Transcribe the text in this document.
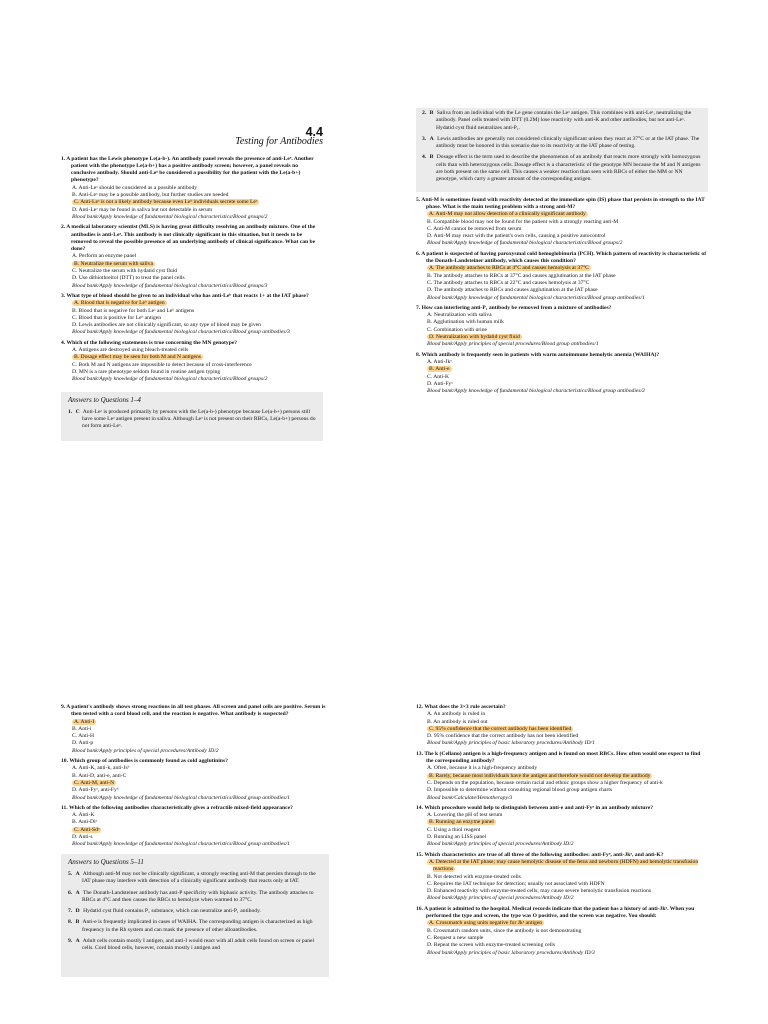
4.4
Testing for Antibodies
1. A patient has the Lewis phenotype Le(a-b-). An antibody panel reveals the presence of anti-Leᵃ. Another patient with the phenotype Le(a-b+) has a positive antibody screen; however, a panel reveals no conclusive antibody. Should anti-Leᵃ be considered a possibility for the patient with the Le(a-b+) phenotype?
A. Anti-Leᵃ should be considered as a possible antibody
B. Anti-Leᵃ may be a possible antibody, but further studies are needed
C. Anti-Leᵃ is not a likely antibody because even Leᵇ individuals secrete some Leᵃ
D. Anti-Leᵃ may be found in saliva but not detectable in serum
Blood bank/Apply knowledge of fundamental biological characteristics/Blood groups/2
2. A medical laboratory scientist (MLS) is having great difficulty resolving an antibody mixture. One of the antibodies is anti-Leᵃ. This antibody is not clinically significant in this situation, but it needs to be removed to reveal the possible presence of an underlying antibody of clinical significance. What can be done?
A. Perform an enzyme panel
B. Neutralize the serum with saliva
C. Neutralize the serum with hydatid cyst fluid
D. Use dithiothreitol (DTT) to treat the panel cells
Blood bank/Apply knowledge of fundamental biological characteristics/Blood groups/3
3. What type of blood should be given to an individual who has anti-Leᵇ that reacts 1+ at the IAT phase?
A. Blood that is negative for Leᵇ antigen
B. Blood that is negative for both Leᵃ and Leᵇ antigens
C. Blood that is positive for Leᵇ antigen
D. Lewis antibodies are not clinically significant, so any type of blood may be given
Blood bank/Apply knowledge of fundamental biological characteristics/Blood group antibodies/3
4. Which of the following statements is true concerning the MN genotype?
A. Antigens are destroyed using bleach-treated cells
B. Dosage effect may be seen for both M and N antigens
C. Both M and N antigens are impossible to detect because of cross-interference
D. MN is a rare phenotype seldom found in routine antigen typing
Blood bank/Apply knowledge of fundamental biological characteristics/Blood groups/2
Answers to Questions 1–4
1. C Anti-Leᵃ is produced primarily by persons with the Le(a-b-) phenotype because Le(a-b+) persons still have some Leᵃ antigen present in saliva. Although Leᵃ is not present on their RBCs, Le(a-b+) persons do not form anti-Leᵃ.
2. B Saliva from an individual with the Le gene contains the Leᵃ antigen. This combines with anti-Leᵃ, neutralizing the antibody. Panel cells treated with DTT (0.2M) lose reactivity with anti-K and other antibodies, but not anti-Leᵃ. Hydatid cyst fluid neutralizes anti-P₁.
3. A Lewis antibodies are generally not considered clinically significant unless they react at 37°C or at the IAT phase. The antibody must be honored in this scenario due to its reactivity at the IAT phase of testing.
4. B Dosage effect is the term used to describe the phenomenon of an antibody that reacts more strongly with homozygous cells than with heterozygous cells. Dosage effect is a characteristic of the genotype MN because the M and N antigens are both present on the same cell. This causes a weaker reaction than seen with RBCs of either the MM or NN genotype, which carry a greater amount of the corresponding antigen.
5. Anti-M is sometimes found with reactivity detected at the immediate spin (IS) phase that persists in strength to the IAT phase. What is the main testing problem with a strong anti-M?
A. Anti-M may not allow detection of a clinically significant antibody
B. Compatible blood may not be found for the patient with a strongly reacting anti-M
C. Anti-M cannot be removed from serum
D. Anti-M may react with the patient's own cells, causing a positive autocontrol
Blood bank/Apply knowledge of fundamental biological characteristics/Blood groups/2
6. A patient is suspected of having paroxysmal cold hemoglobinuria (PCH). Which pattern of reactivity is characteristic of the Donath-Landsteiner antibody, which causes this condition?
A. The antibody attaches to RBCs at 4°C and causes hemolysis at 37°C
B. The antibody attaches to RBCs at 37°C and causes agglutination at the IAT phase
C. The antibody attaches to RBCs at 22°C and causes hemolysis at 37°C
D. The antibody attaches to RBCs and causes agglutination at the IAT phase
Blood bank/Apply knowledge of fundamental biological characteristics/Blood group antibodies/1
7. How can interfering anti-P₁ antibody be removed from a mixture of antibodies?
A. Neutralization with saliva
B. Agglutination with human milk
C. Combination with urine
D. Neutralization with hydatid cyst fluid
Blood bank/Apply principles of special procedures/Blood group antibodies/1
8. Which antibody is frequently seen in patients with warm autoimmune hemolytic anemia (WAIHA)?
A. Anti-Jkᵃ
B. Anti-e
C. Anti-K
D. Anti-Fyᵃ
Blood bank/Apply knowledge of fundamental biological characteristics/Blood group antibodies/2
9. A patient's antibody shows strong reactions in all test phases. All screen and panel cells are positive. Serum is then tested with a cord blood cell, and the reaction is negative. What antibody is suspected?
A. Anti-I
B. Anti-i
C. Anti-H
D. Anti-p
Blood bank/Apply principles of special procedures/Antibody ID/2
10. Which group of antibodies is commonly found as cold agglutinins?
A. Anti-K, anti-k, anti-Jsᵇ
B. Anti-D, anti-e, anti-C
C. Anti-M, anti-N
D. Anti-Fyᵃ, anti-Fyᵇ
Blood bank/Apply knowledge of fundamental biological characteristics/Blood group antibodies/1
11. Which of the following antibodies characteristically gives a refractile mixed-field appearance?
A. Anti-K
B. Anti-Diᵃ
C. Anti-Sdᵃ
D. Anti-s
Blood bank/Apply knowledge of fundamental biological characteristics/Blood group antibodies/1
Answers to Questions 5–11
5. A Although anti-M may not be clinically significant, a strongly reacting anti-M that persists through to the IAT phase may interfere with detection of a clinically significant antibody that reacts only at IAT.
6. A The Donath-Landsteiner antibody has anti-P specificity with biphasic activity. The antibody attaches to RBCs at 4°C and then causes the RBCs to hemolyze when warmed to 37°C.
7. D Hydatid cyst fluid contains P₁ substance, which can neutralize anti-P₁ antibody.
8. B Anti-e is frequently implicated in cases of WAIHA. The corresponding antigen is characterized as high frequency in the Rh system and can mask the presence of other alloantibodies.
9. A Adult cells contain mostly I antigen, and anti-I would react with all adult cells found on screen or panel cells. Cord blood cells, however, contain mostly i antigen and
12. What does the 3×3 rule ascertain?
A. An antibody is ruled in
B. An antibody is ruled out
C. 95% confidence that the correct antibody has been identified
D. 95% confidence that the correct antibody has not been identified
Blood bank/Apply principles of basic laboratory procedures/Antibody ID/1
13. The k (Cellano) antigen is a high-frequency antigen and is found on most RBCs. How often would one expect to find the corresponding antibody?
A. Often, because it is a high-frequency antibody
B. Rarely, because most individuals have the antigen and therefore would not develop the antibody
C. Depends on the population, because certain racial and ethnic groups show a higher frequency of anti-k
D. Impossible to determine without consulting regional blood group antigen charts
Blood bank/Calculate/Hemotherapy/3
14. Which procedure would help to distinguish between anti-e and anti-Fyᵃ in an antibody mixture?
A. Lowering the pH of test serum
B. Running an enzyme panel
C. Using a thiol reagent
D. Running an LISS panel
Blood bank/Apply principles of special procedures/Antibody ID/2
15. Which characteristics are true of all three of the following antibodies: anti-Fyᵃ, anti-Jkᵃ, and anti-K?
A. Detected at the IAT phase; may cause hemolytic disease of the fetus and newborn (HDFN) and hemolytic transfusion reactions
B. Not detected with enzyme-treated cells
C. Requires the IAT technique for detection; usually not associated with HDFN
D. Enhanced reactivity with enzyme-treated cells; may cause severe hemolytic transfusion reactions
Blood bank/Apply principles of special procedures/Antibody ID/2
16. A patient is admitted to the hospital. Medical records indicate that the patient has a history of anti-Jkᵃ. When you performed the type and screen, the type was O positive, and the screen was negative. You should:
A. Crossmatch using units negative for Jkᵃ antigen
B. Crossmatch random units, since the antibody is not demonstrating
C. Request a new sample
D. Repeat the screen with enzyme-treated screening cells
Blood bank/Apply principles of basic laboratory procedures/Antibody ID/3
